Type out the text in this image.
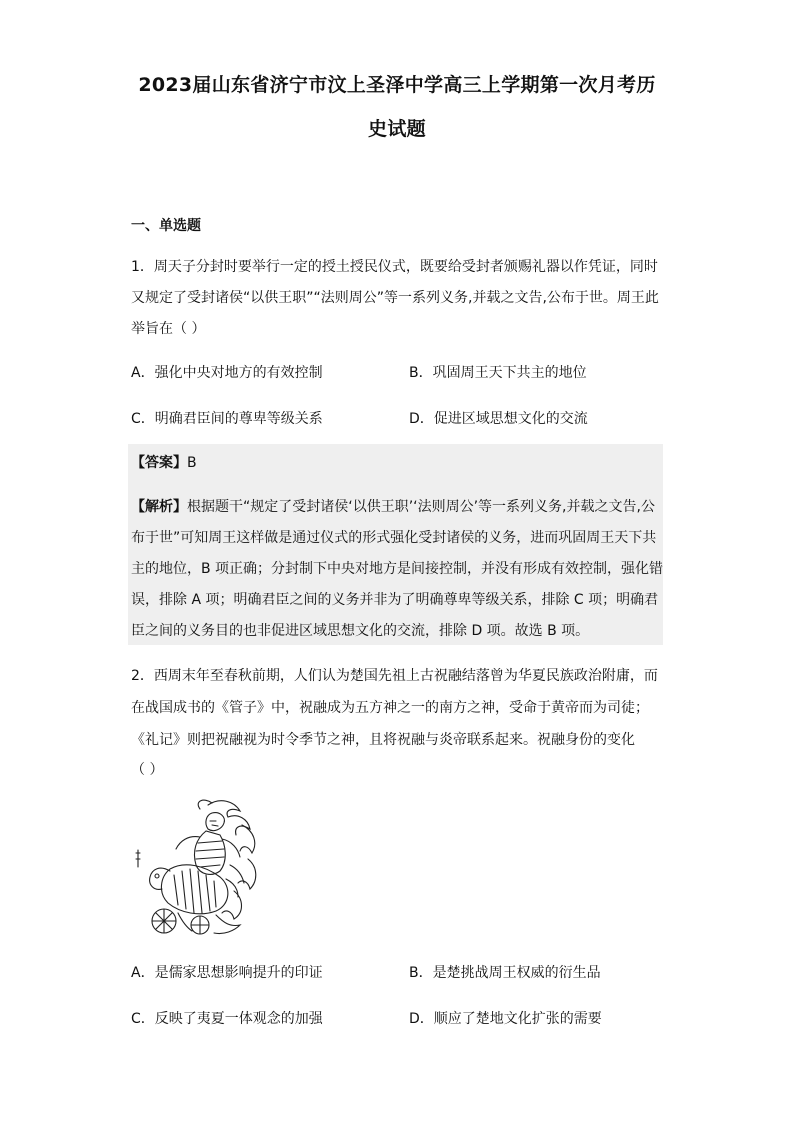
2023届山东省济宁市汶上圣泽中学高三上学期第一次月考历
史试题
一、单选题
1．周天子分封时要举行一定的授土授民仪式，既要给受封者颁赐礼器以作凭证，同时
又规定了受封诸侯“以供王职”“法则周公”等一系列义务,并载之文告,公布于世。周王此
举旨在（ ）
A．强化中央对地方的有效控制	B．巩固周王天下共主的地位
C．明确君臣间的尊卑等级关系	D．促进区域思想文化的交流
【答案】B
【解析】根据题干“规定了受封诸侯‘以供王职’‘法则周公’等一系列义务,并载之文告,公
布于世”可知周王这样做是通过仪式的形式强化受封诸侯的义务，进而巩固周王天下共
主的地位，B 项正确；分封制下中央对地方是间接控制，并没有形成有效控制，强化错
误，排除 A 项；明确君臣之间的义务并非为了明确尊卑等级关系，排除 C 项；明确君
臣之间的义务目的也非促进区域思想文化的交流，排除 D 项。故选 B 项。
2．西周末年至春秋前期，人们认为楚国先祖上古祝融结落曾为华夏民族政治附庸，而
在战国成书的《管子》中，祝融成为五方神之一的南方之神，受命于黄帝而为司徒；
《礼记》则把祝融视为时令季节之神，且将祝融与炎帝联系起来。祝融身份的变化
（ ）
A．是儒家思想影响提升的印证	B．是楚挑战周王权威的衍生品
C．反映了夷夏一体观念的加强	D．顺应了楚地文化扩张的需要
